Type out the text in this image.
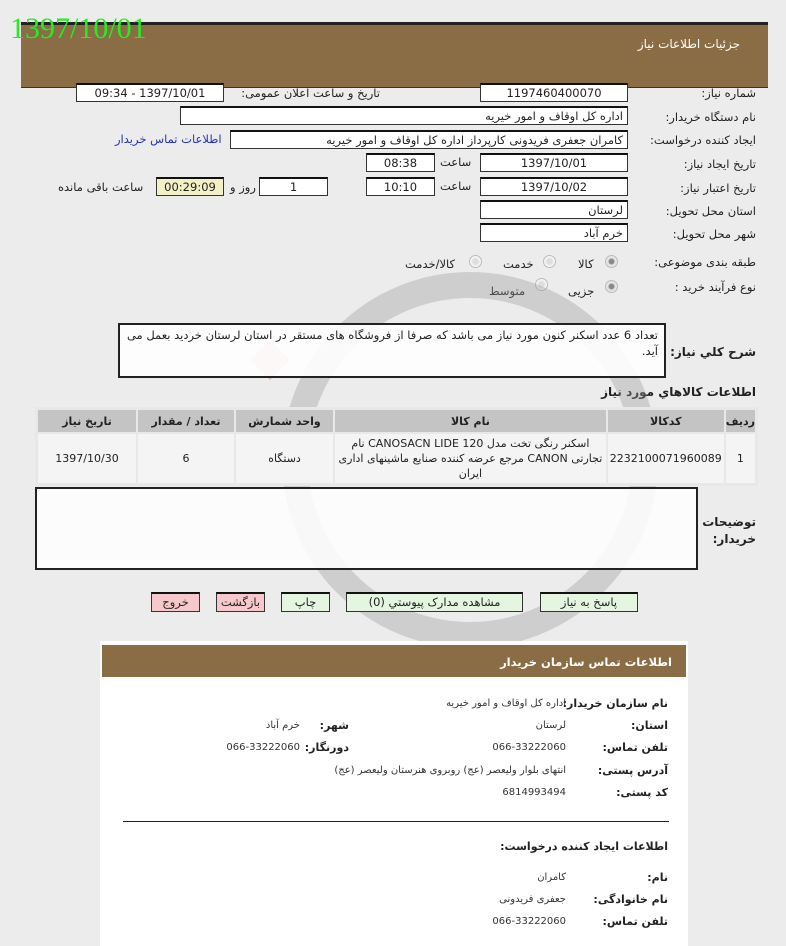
1397/10/01	جزئیات اطلاعات نیاز
شماره نیاز:
1197460400070
تاریخ و ساعت اعلان عمومی:
1397/10/01 - 09:34
نام دستگاه خریدار:
اداره کل اوقاف و امور خیریه
ایجاد کننده درخواست:
کامران جعفری فریدونی کارپرداز اداره کل اوقاف و امور خیریه
اطلاعات تماس خریدار
تاریخ ایجاد نیاز:
1397/10/01
ساعت
08:38
تاریخ اعتبار نیاز:
1397/10/02
ساعت
10:10
1
روز و
00:29:09
ساعت باقی مانده
استان محل تحویل:
لرستان
شهر محل تحویل:
خرم آباد
طبقه بندی موضوعی:
کالا
خدمت
کالا/خدمت
نوع فرآیند خرید :
جزیی
متوسط
شرح کلي نیاز:
تعداد 6 عدد اسکنر کنون مورد نیاز می باشد که صرفا از فروشگاه های مستقر در استان لرستان خردید بعمل می آید.
اطلاعات كالاهاي مورد نیاز
ردیف	کدکالا	نام کالا	واحد شمارش	تعداد / مقدار	تاریخ نیاز
1	2232100071960089	اسکنر رنگی تخت مدل CANOSACN LIDE 120 نام تجارتی CANON مرجع عرضه کننده صنایع ماشینهای اداری ایران	دستگاه	6	1397/10/30
توضیحات خریدار:
پاسخ به نیاز
مشاهده مدارک پیوستي (0)
چاپ
بازگشت
خروج
اطلاعات تماس سازمان خریدار
نام سازمان خریدار:
اداره کل اوقاف و امور خیریه
استان:
لرستان
شهر:
خرم آباد
تلفن تماس:
066-33222060
دورنگار:
066-33222060
آدرس پستی:
انتهای بلوار ولیعصر (عج) روبروی هنرستان ولیعصر (عج)
کد پستی:
6814993494
اطلاعات ایجاد کننده درخواست:
نام:
کامران
نام خانوادگی:
جعفری فریدونی
تلفن تماس:
066-33222060
